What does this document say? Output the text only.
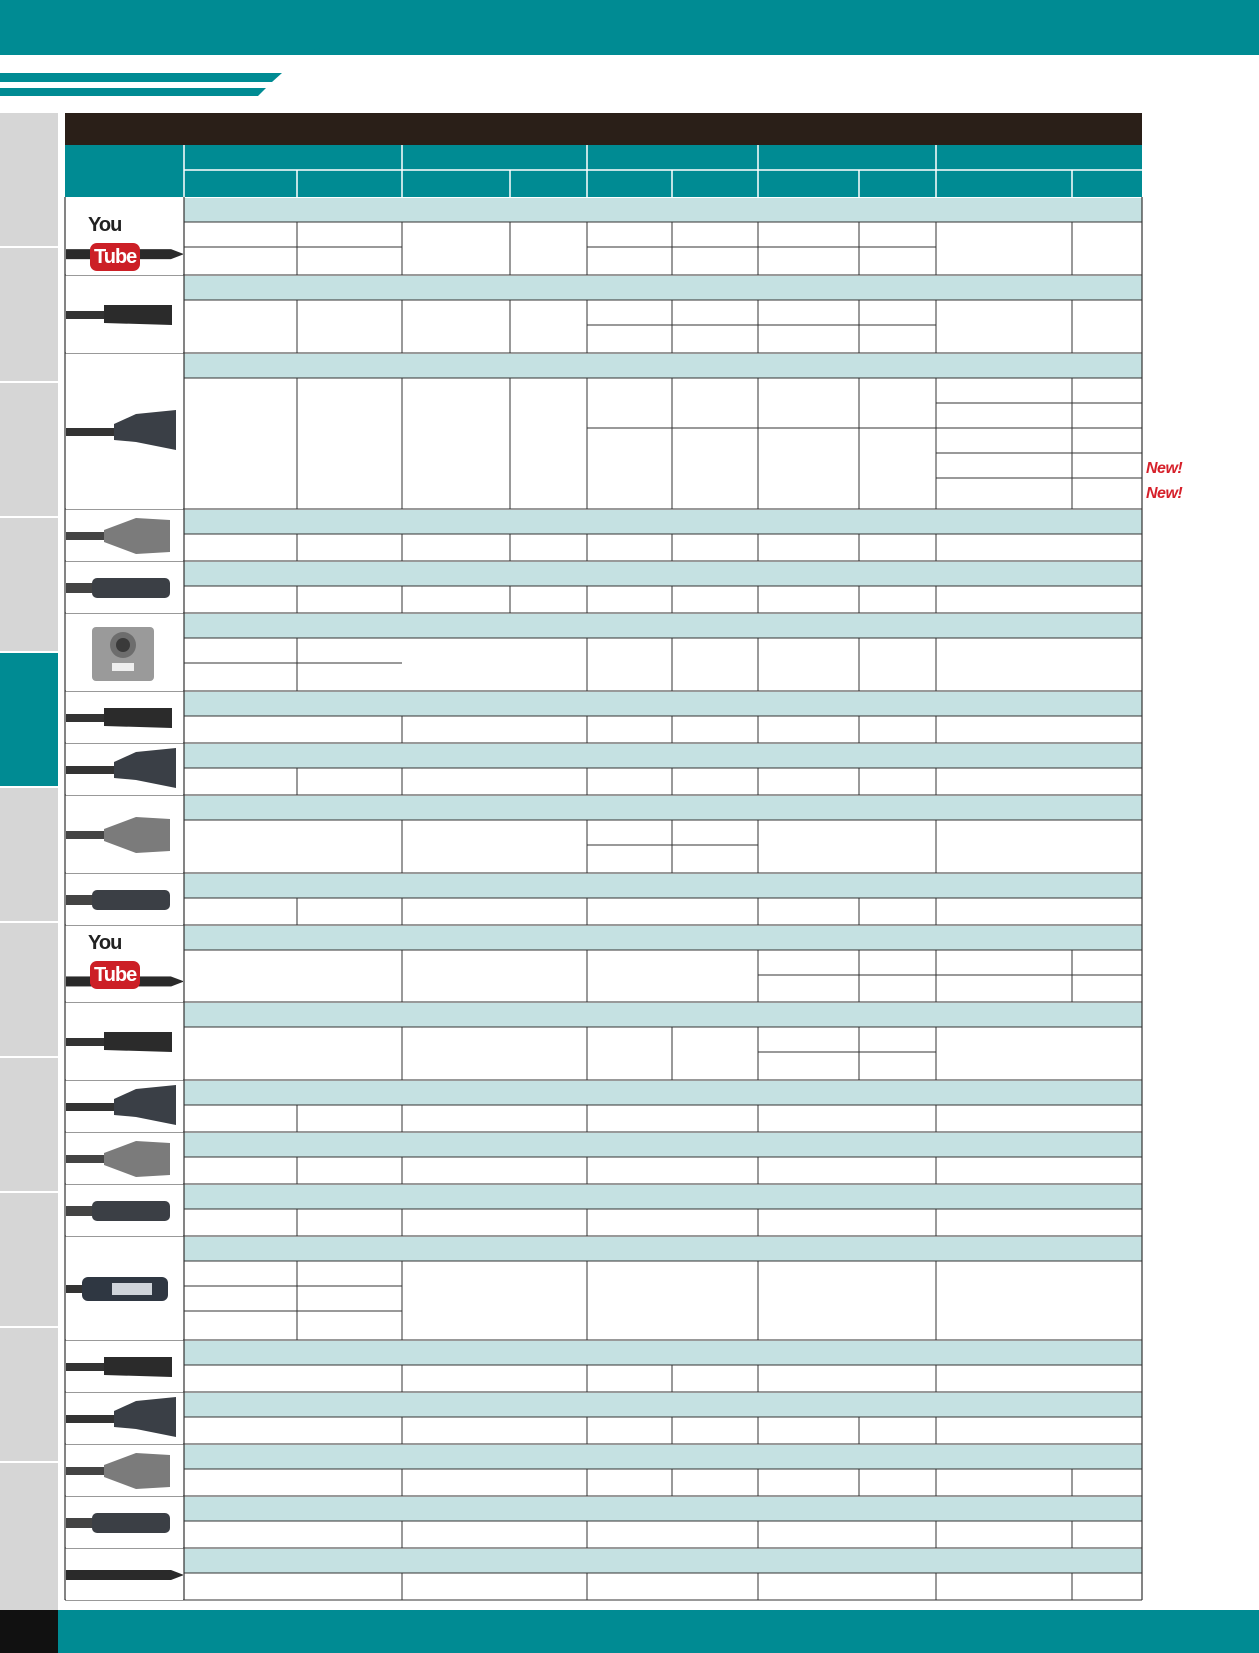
YouTube
YouTube
New!
New!
